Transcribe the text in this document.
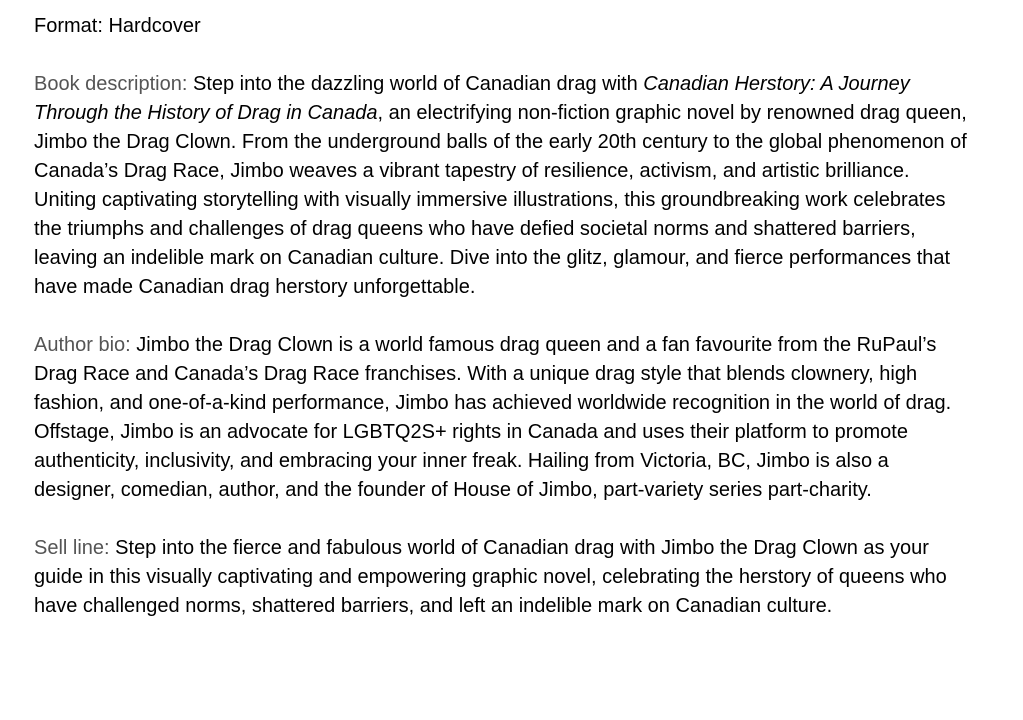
Format: Hardcover

Book description: Step into the dazzling world of Canadian drag with Canadian Herstory: A Journey Through the History of Drag in Canada, an electrifying non-fiction graphic novel by renowned drag queen, Jimbo the Drag Clown. From the underground balls of the early 20th century to the global phenomenon of Canada’s Drag Race, Jimbo weaves a vibrant tapestry of resilience, activism, and artistic brilliance. Uniting captivating storytelling with visually immersive illustrations, this groundbreaking work celebrates the triumphs and challenges of drag queens who have defied societal norms and shattered barriers, leaving an indelible mark on Canadian culture. Dive into the glitz, glamour, and fierce performances that have made Canadian drag herstory unforgettable.

Author bio: Jimbo the Drag Clown is a world famous drag queen and a fan favourite from the RuPaul’s Drag Race and Canada’s Drag Race franchises. With a unique drag style that blends clownery, high fashion, and one-of-a-kind performance, Jimbo has achieved worldwide recognition in the world of drag. Offstage, Jimbo is an advocate for LGBTQ2S+ rights in Canada and uses their platform to promote authenticity, inclusivity, and embracing your inner freak. Hailing from Victoria, BC, Jimbo is also a designer, comedian, author, and the founder of House of Jimbo, part-variety series part-charity.

Sell line: Step into the fierce and fabulous world of Canadian drag with Jimbo the Drag Clown as your guide in this visually captivating and empowering graphic novel, celebrating the herstory of queens who have challenged norms, shattered barriers, and left an indelible mark on Canadian culture.
